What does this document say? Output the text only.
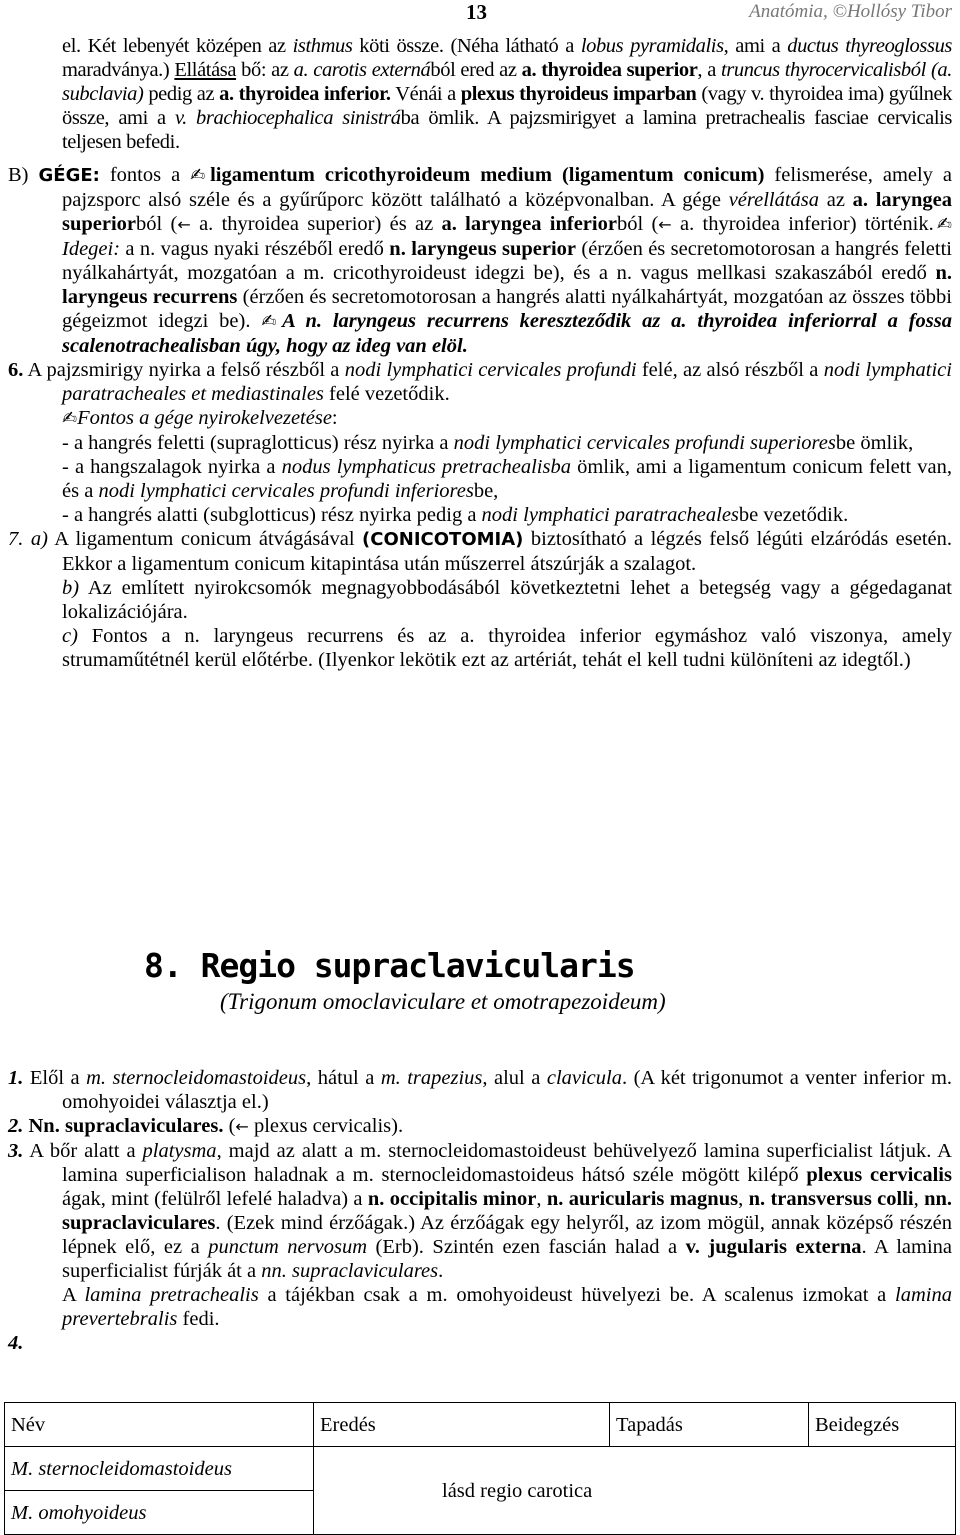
13	Anatómia, ©Hollósy Tibor

el. Két lebenyét középen az isthmus köti össze. (Néha látható a lobus pyramidalis, ami a ductus thyreoglossus maradványa.) Ellátása bő: az a. carotis externából ered az a. thyroidea superior, a truncus thyrocervicalisból (a. subclavia) pedig az a. thyroidea inferior. Vénái a plexus thyroideus imparban (vagy v. thyroidea ima) gyűlnek össze, ami a v. brachiocephalica sinistrába ömlik. A pajzsmirigyet a lamina pretrachealis fasciae cervicalis teljesen befedi.

B) GÉGE: fontos a ✍ligamentum cricothyroideum medium (ligamentum conicum) felismerése, amely a pajzsporc alsó széle és a gyűrűporc között található a középvonalban. A gége vérellátása az a. laryngea superiorból (← a. thyroidea superior) és az a. laryngea inferiorból (← a. thyroidea inferior) történik.✍Idegei: a n. vagus nyaki részéből eredő n. laryngeus superior (érzően és secretomotorosan a hangrés feletti nyálkahártyát, mozgatóan a m. cricothyroideust idegzi be), és a n. vagus mellkasi szakaszából eredő n. laryngeus recurrens (érzően és secretomotorosan a hangrés alatti nyálkahártyát, mozgatóan az összes többi gégeizmot idegzi be). ✍A n. laryngeus recurrens kereszteződik az a. thyroidea inferiorral a fossa scalenotrachealisban úgy, hogy az ideg van elöl.

6. A pajzsmirigy nyirka a felső részből a nodi lymphatici cervicales profundi felé, az alsó részből a nodi lymphatici paratracheales et mediastinales felé vezetődik.

✍Fontos a gége nyirokelvezetése:

- a hangrés feletti (supraglotticus) rész nyirka a nodi lymphatici cervicales profundi superioresbe ömlik,

- a hangszalagok nyirka a nodus lymphaticus pretrachealisba ömlik, ami a ligamentum conicum felett van, és a nodi lymphatici cervicales profundi inferioresbe,

- a hangrés alatti (subglotticus) rész nyirka pedig a nodi lymphatici paratrachealesbe vezetődik.

7. a) A ligamentum conicum átvágásával (CONICOTOMIA) biztosítható a légzés felső légúti elzáródás esetén. Ekkor a ligamentum conicum kitapintása után műszerrel átszúrják a szalagot.

b) Az említett nyirokcsomók megnagyobbodásából következtetni lehet a betegség vagy a gégedaganat lokalizációjára.

c) Fontos a n. laryngeus recurrens és az a. thyroidea inferior egymáshoz való viszonya, amely strumaműtétnél kerül előtérbe. (Ilyenkor lekötik ezt az artériát, tehát el kell tudni különíteni az idegtől.)

8. Regio supraclavicularis
(Trigonum omoclaviculare et omotrapezoideum)

1. Elől a m. sternocleidomastoideus, hátul a m. trapezius, alul a clavicula. (A két trigonumot a venter inferior m. omohyoidei választja el.)

2. Nn. supraclaviculares. (← plexus cervicalis).

3. A bőr alatt a platysma, majd az alatt a m. sternocleidomastoideust behüvelyező lamina superficialist látjuk. A lamina superficialison haladnak a m. sternocleidomastoideus hátsó széle mögött kilépő plexus cervicalis ágak, mint (felülről lefelé haladva) a n. occipitalis minor, n. auricularis magnus, n. transversus colli, nn. supraclaviculares. (Ezek mind érzőágak.) Az érzőágak egy helyről, az izom mögül, annak középső részén lépnek elő, ez a punctum nervosum (Erb). Szintén ezen fascián halad a v. jugularis externa. A lamina superficialist fúrják át a nn. supraclaviculares.

A lamina pretrachealis a tájékban csak a m. omohyoideust hüvelyezi be. A scalenus izmokat a lamina prevertebralis fedi.

4.

Név	Eredés	Tapadás	Beidegzés
M. sternocleidomastoideus	lásd regio carotica		
M. omohyoideus			
